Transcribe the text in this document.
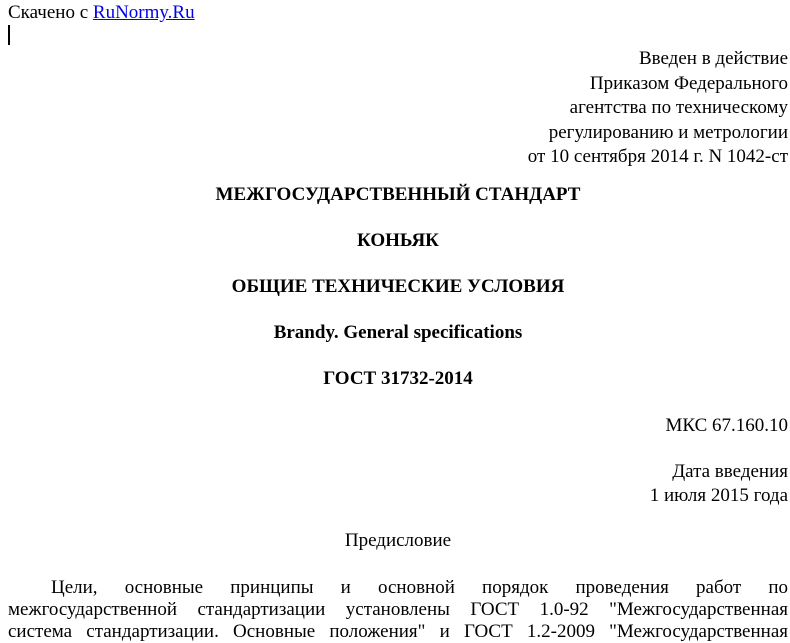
Скачено с RuNormy.Ru
Введен в действие
Приказом Федерального
агентства по техническому
регулированию и метрологии
от 10 сентября 2014 г. N 1042-ст
МЕЖГОСУДАРСТВЕННЫЙ СТАНДАРТ
КОНЬЯК
ОБЩИЕ ТЕХНИЧЕСКИЕ УСЛОВИЯ
Brandy. General specifications
ГОСТ 31732-2014
МКС 67.160.10
Дата введения
1 июля 2015 года
Предисловие
Цели, основные принципы и основной порядок проведения работ по
межгосударственной стандартизации установлены ГОСТ 1.0-92 "Межгосударственная
система стандартизации. Основные положения" и ГОСТ 1.2-2009 "Межгосударственная
